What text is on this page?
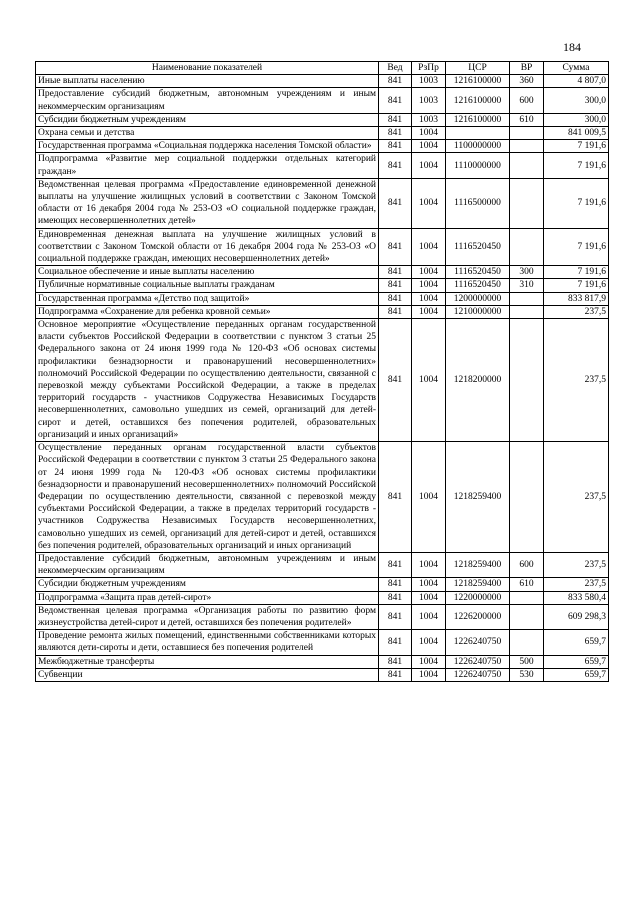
184
Наименование показателей	Вед	РзПр	ЦСР	ВР	Сумма
Иные выплаты населению	841	1003	1216100000	360	4 807,0
Предоставление субсидий бюджетным, автономным учреждениям и иным некоммерческим организациям	841	1003	1216100000	600	300,0
Субсидии бюджетным учреждениям	841	1003	1216100000	610	300,0
Охрана семьи и детства	841	1004			841 009,5
Государственная программа «Социальная поддержка населения Томской области»	841	1004	1100000000		7 191,6
Подпрограмма «Развитие мер социальной поддержки отдельных категорий граждан»	841	1004	1110000000		7 191,6
Ведомственная целевая программа «Предоставление единовременной денежной выплаты на улучшение жилищных условий в соответствии с Законом Томской области от 16 декабря 2004 года № 253-ОЗ «О социальной поддержке граждан, имеющих несовершеннолетних детей»	841	1004	1116500000		7 191,6
Единовременная денежная выплата на улучшение жилищных условий в соответствии с Законом Томской области от 16 декабря 2004 года № 253-ОЗ «О социальной поддержке граждан, имеющих несовершеннолетних детей»	841	1004	1116520450		7 191,6
Социальное обеспечение и иные выплаты населению	841	1004	1116520450	300	7 191,6
Публичные нормативные социальные выплаты гражданам	841	1004	1116520450	310	7 191,6
Государственная программа «Детство под защитой»	841	1004	1200000000		833 817,9
Подпрограмма «Сохранение для ребенка кровной семьи»	841	1004	1210000000		237,5
Основное мероприятие «Осуществление переданных органам государственной власти субъектов Российской Федерации в соответствии с пунктом 3 статьи 25 Федерального закона от 24 июня 1999 года № 120-ФЗ «Об основах системы профилактики безнадзорности и правонарушений несовершеннолетних» полномочий Российской Федерации по осуществлению деятельности, связанной с перевозкой между субъектами Российской Федерации, а также в пределах территорий государств - участников Содружества Независимых Государств несовершеннолетних, самовольно ушедших из семей, организаций для детей-сирот и детей, оставшихся без попечения родителей, образовательных организаций и иных организаций»	841	1004	1218200000		237,5
Осуществление переданных органам государственной власти субъектов Российской Федерации в соответствии с пунктом 3 статьи 25 Федерального закона от 24 июня 1999 года № 120-ФЗ «Об основах системы профилактики безнадзорности и правонарушений несовершеннолетних» полномочий Российской Федерации по осуществлению деятельности, связанной с перевозкой между субъектами Российской Федерации, а также в пределах территорий государств - участников Содружества Независимых Государств несовершеннолетних, самовольно ушедших из семей, организаций для детей-сирот и детей, оставшихся без попечения родителей, образовательных организаций и иных организаций	841	1004	1218259400		237,5
Предоставление субсидий бюджетным, автономным учреждениям и иным некоммерческим организациям	841	1004	1218259400	600	237,5
Субсидии бюджетным учреждениям	841	1004	1218259400	610	237,5
Подпрограмма «Защита прав детей-сирот»	841	1004	1220000000		833 580,4
Ведомственная целевая программа «Организация работы по развитию форм жизнеустройства детей-сирот и детей, оставшихся без попечения родителей»	841	1004	1226200000		609 298,3
Проведение ремонта жилых помещений, единственными собственниками которых являются дети-сироты и дети, оставшиеся без попечения родителей	841	1004	1226240750		659,7
Межбюджетные трансферты	841	1004	1226240750	500	659,7
Субвенции	841	1004	1226240750	530	659,7
